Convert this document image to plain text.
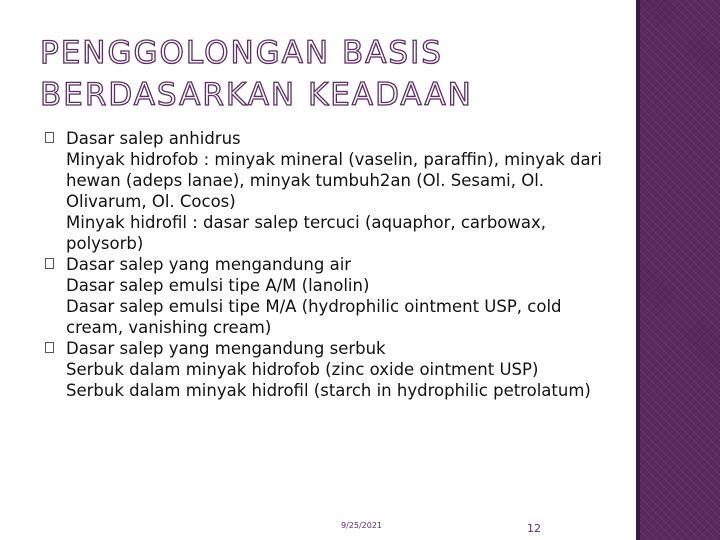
PENGGOLONGAN BASIS
BERDASARKAN KEADAAN

Dasar salep anhidrus

Minyak hidrofob : minyak mineral (vaselin, paraffin), minyak dari hewan (adeps lanae), minyak tumbuh2an (Ol. Sesami, Ol. Olivarum, Ol. Cocos)

Minyak hidrofil : dasar salep tercuci (aquaphor, carbowax, polysorb)

Dasar salep yang mengandung air

Dasar salep emulsi tipe A/M (lanolin)

Dasar salep emulsi tipe M/A (hydrophilic ointment USP, cold cream, vanishing cream)

Dasar salep yang mengandung serbuk

Serbuk dalam minyak hidrofob (zinc oxide ointment USP)

Serbuk dalam minyak hidrofil (starch in hydrophilic petrolatum)

9/25/2021	12
